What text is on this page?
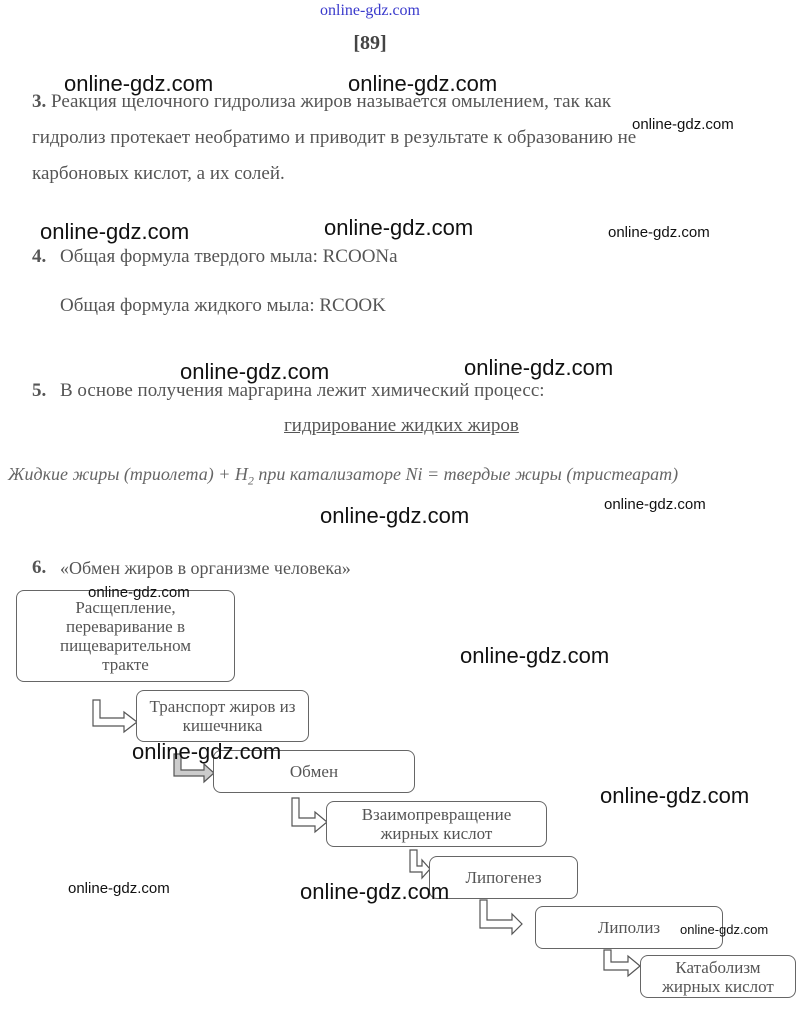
online-gdz.com
[89]
3. Реакция щелочного гидролиза жиров называется омылением, так как
гидролиз протекает необратимо и приводит в результате к образованию не
карбоновых кислот, а их солей.
4. Общая формула твердого мыла: RCOONa
Общая формула жидкого мыла: RCOOK
5. В основе получения маргарина лежит химический процесс:
гидрирование жидких жиров
Жидкие жиры (триолета) + $H_2$ при катализаторе Ni = твердые жиры (тристеарат)
6. «Обмен жиров в организме человека»
Расщепление, переваривание в пищеварительном тракте
Транспорт жиров из кишечника
Обмен
Взаимопревращение жирных кислот
Липогенез
Липолиз
Катаболизм жирных кислот
online-gdz.com	online-gdz.com
online-gdz.com
online-gdz.com	online-gdz.com	online-gdz.com
online-gdz.com	online-gdz.com
online-gdz.com
online-gdz.com
online-gdz.com
online-gdz.com
online-gdz.com
online-gdz.com
online-gdz.com	online-gdz.com
online-gdz.com
